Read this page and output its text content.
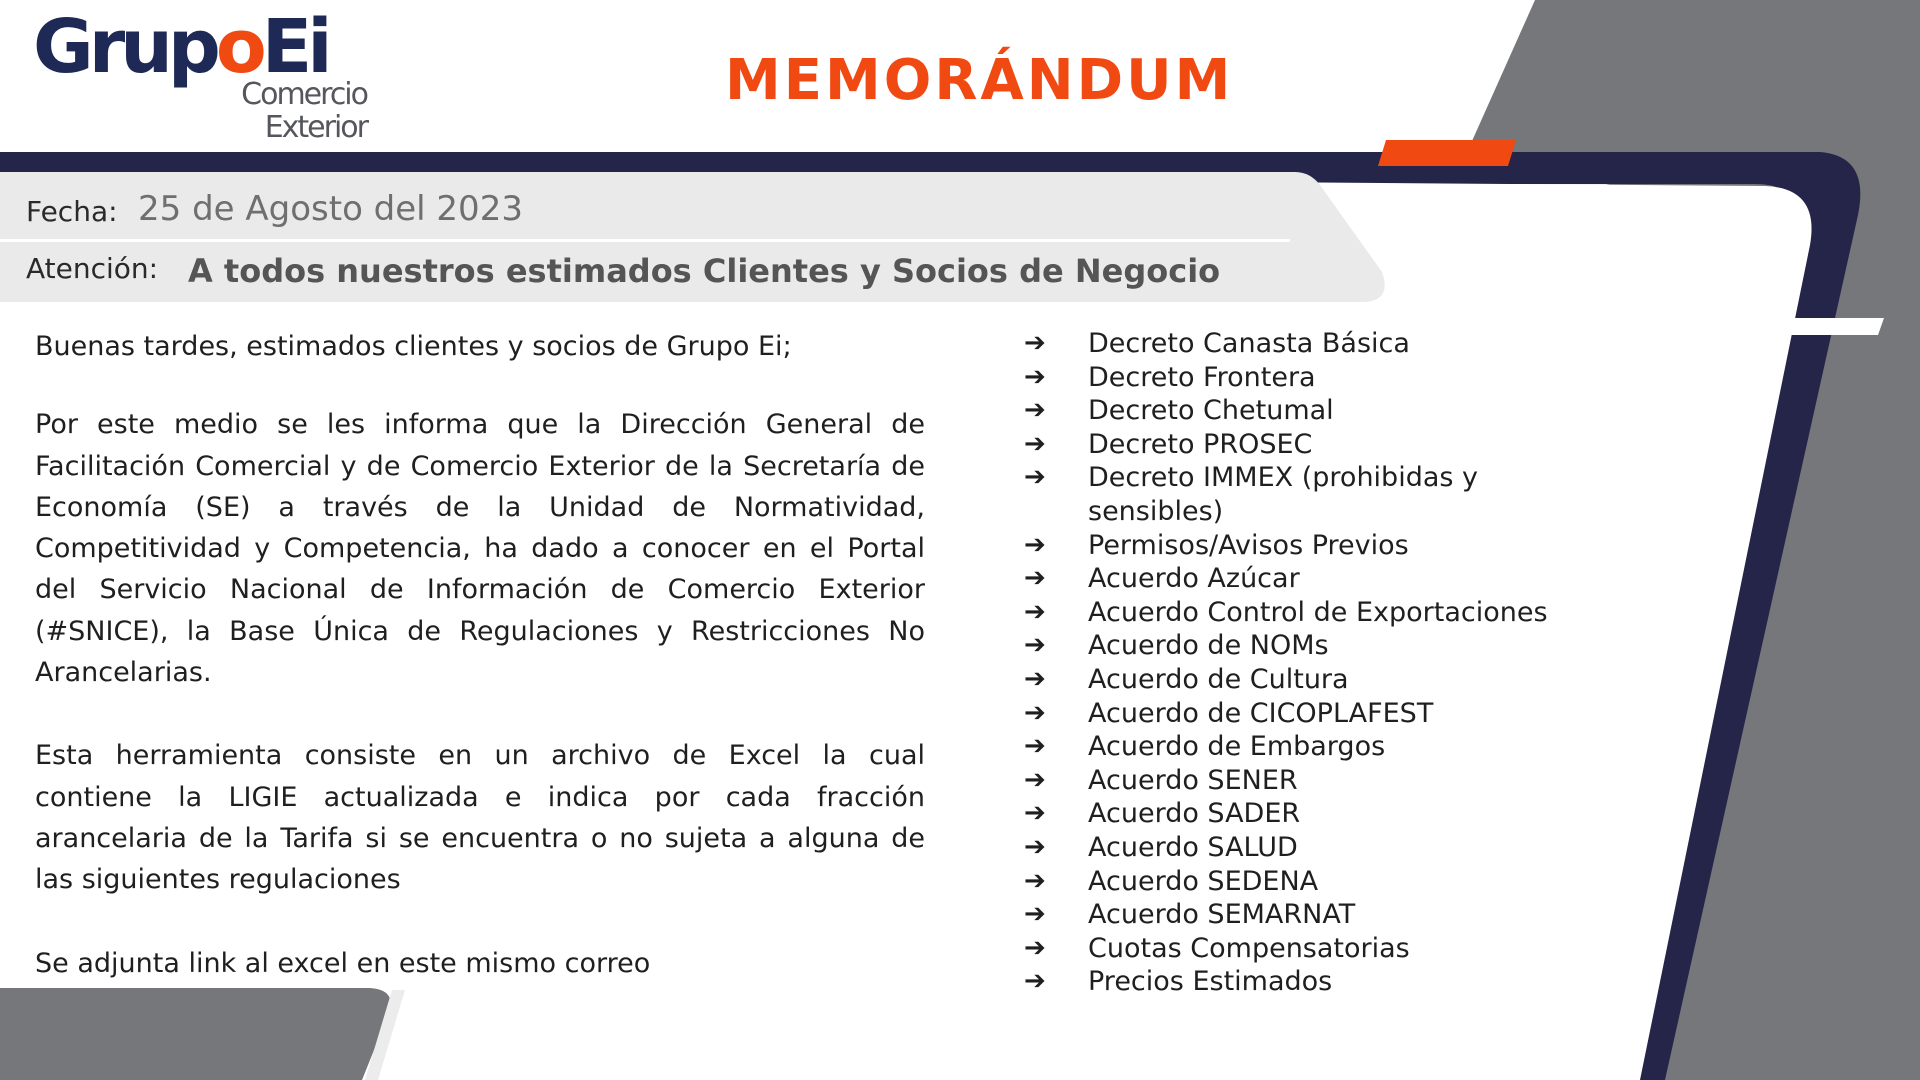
GrupoEi
Comercio
Exterior
MEMORÁNDUM
Fecha: 25 de Agosto del 2023
Atención: A todos nuestros estimados Clientes y Socios de Negocio

Buenas tardes, estimados clientes y socios de Grupo Ei;

Por este medio se les informa que la Dirección General de Facilitación Comercial y de Comercio Exterior de la Secretaría de Economía (SE) a través de la Unidad de Normatividad, Competitividad y Competencia, ha dado a conocer en el Portal del Servicio Nacional de Información de Comercio Exterior (#SNICE), la Base Única de Regulaciones y Restricciones No Arancelarias.

Esta herramienta consiste en un archivo de Excel la cual contiene la LIGIE actualizada e indica por cada fracción arancelaria de la Tarifa si se encuentra o no sujeta a alguna de las siguientes regulaciones

Se adjunta link al excel en este mismo correo

➔ Decreto Canasta Básica
➔ Decreto Frontera
➔ Decreto Chetumal
➔ Decreto PROSEC
➔ Decreto IMMEX (prohibidas y sensibles)
➔ Permisos/Avisos Previos
➔ Acuerdo Azúcar
➔ Acuerdo Control de Exportaciones
➔ Acuerdo de NOMs
➔ Acuerdo de Cultura
➔ Acuerdo de CICOPLAFEST
➔ Acuerdo de Embargos
➔ Acuerdo SENER
➔ Acuerdo SADER
➔ Acuerdo SALUD
➔ Acuerdo SEDENA
➔ Acuerdo SEMARNAT
➔ Cuotas Compensatorias
➔ Precios Estimados
